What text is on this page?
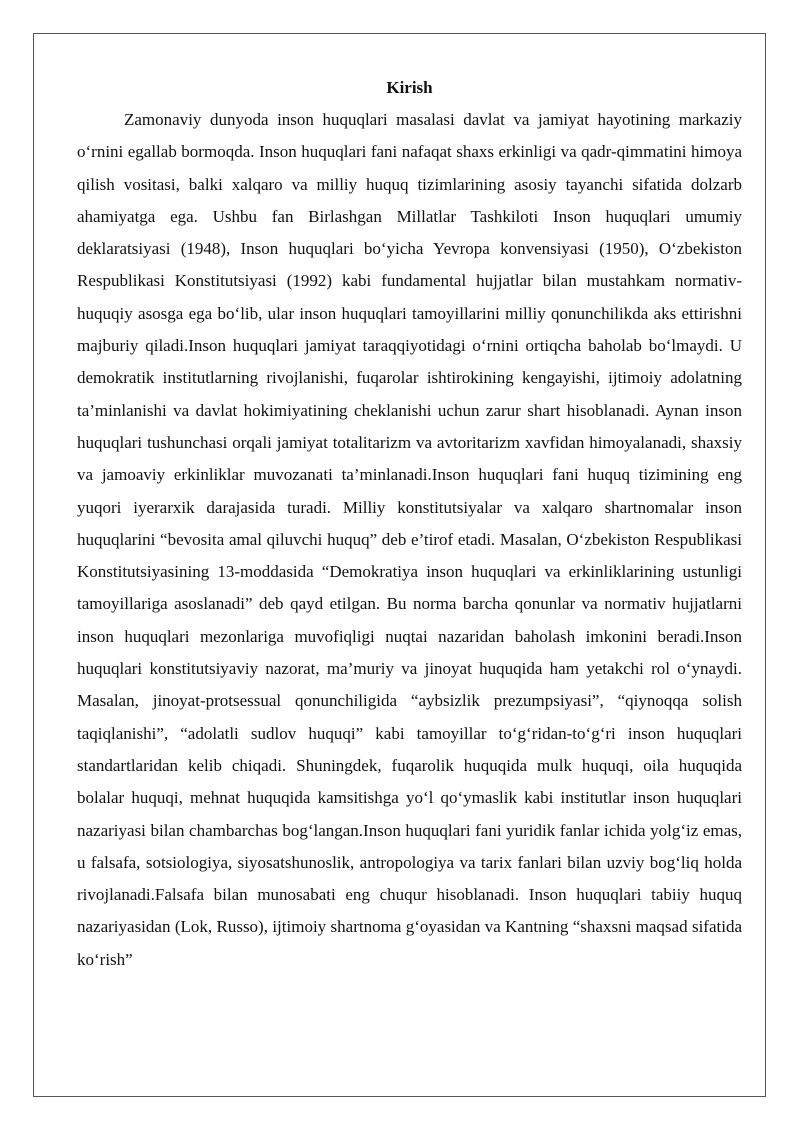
Kirish

Zamonaviy dunyoda inson huquqlari masalasi davlat va jamiyat hayotining markaziy o‘rnini egallab bormoqda. Inson huquqlari fani nafaqat shaxs erkinligi va qadr-qimmatini himoya qilish vositasi, balki xalqaro va milliy huquq tizimlarining asosiy tayanchi sifatida dolzarb ahamiyatga ega. Ushbu fan Birlashgan Millatlar Tashkiloti Inson huquqlari umumiy deklaratsiyasi (1948), Inson huquqlari bo‘yicha Yevropa konvensiyasi (1950), O‘zbekiston Respublikasi Konstitutsiyasi (1992) kabi fundamental hujjatlar bilan mustahkam normativ-huquqiy asosga ega bo‘lib, ular inson huquqlari tamoyillarini milliy qonunchilikda aks ettirishni majburiy qiladi.Inson huquqlari jamiyat taraqqiyotidagi o‘rnini ortiqcha baholab bo‘lmaydi. U demokratik institutlarning rivojlanishi, fuqarolar ishtirokining kengayishi, ijtimoiy adolatning ta’minlanishi va davlat hokimiyatining cheklanishi uchun zarur shart hisoblanadi. Aynan inson huquqlari tushunchasi orqali jamiyat totalitarizm va avtoritarizm xavfidan himoyalanadi, shaxsiy va jamoaviy erkinliklar muvozanati ta’minlanadi.Inson huquqlari fani huquq tizimining eng yuqori iyerarxik darajasida turadi. Milliy konstitutsiyalar va xalqaro shartnomalar inson huquqlarini “bevosita amal qiluvchi huquq” deb e’tirof etadi. Masalan, O‘zbekiston Respublikasi Konstitutsiyasining 13-moddasida “Demokratiya inson huquqlari va erkinliklarining ustunligi tamoyillariga asoslanadi” deb qayd etilgan. Bu norma barcha qonunlar va normativ hujjatlarni inson huquqlari mezonlariga muvofiqligi nuqtai nazaridan baholash imkonini beradi.Inson huquqlari konstitutsiyaviy nazorat, ma’muriy va jinoyat huquqida ham yetakchi rol o‘ynaydi. Masalan, jinoyat-protsessual qonunchiligida “aybsizlik prezumpsiyasi”, “qiynoqqa solish taqiqlanishi”, “adolatli sudlov huquqi” kabi tamoyillar to‘g‘ridan-to‘g‘ri inson huquqlari standartlaridan kelib chiqadi. Shuningdek, fuqarolik huquqida mulk huquqi, oila huquqida bolalar huquqi, mehnat huquqida kamsitishga yo‘l qo‘ymaslik kabi institutlar inson huquqlari nazariyasi bilan chambarchas bog‘langan.Inson huquqlari fani yuridik fanlar ichida yolg‘iz emas, u falsafa, sotsiologiya, siyosatshunoslik, antropologiya va tarix fanlari bilan uzviy bog‘liq holda rivojlanadi.Falsafa bilan munosabati eng chuqur hisoblanadi. Inson huquqlari tabiiy huquq nazariyasidan (Lok, Russo), ijtimoiy shartnoma g‘oyasidan va Kantning “shaxsni maqsad sifatida ko‘rish”
